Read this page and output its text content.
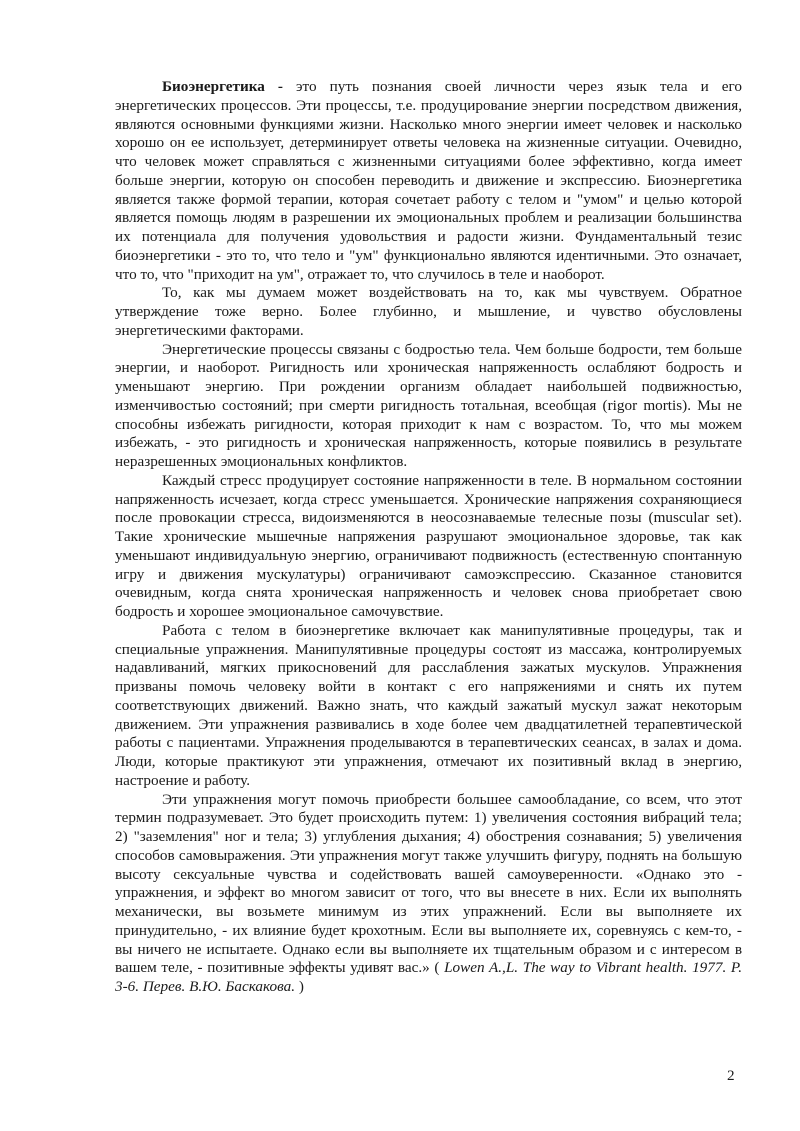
Биоэнергетика - это путь познания своей личности через язык тела и его энергетических процессов. Эти процессы, т.е. продуцирование энергии посредством движения, являются основными функциями жизни. Насколько много энергии имеет человек и насколько хорошо он ее использует, детерминирует ответы человека на жизненные ситуации. Очевидно, что человек может справляться с жизненными ситуациями более эффективно, когда имеет больше энергии, которую он способен переводить и движение и экспрессию. Биоэнергетика является также формой терапии, которая сочетает работу с телом и "умом" и целью которой является помощь людям в разрешении их эмоциональных проблем и реализации большинства их потенциала для получения удовольствия и радости жизни. Фундаментальный тезис биоэнергетики - это то, что тело и "ум" функционально являются идентичными. Это означает, что то, что "приходит на ум", отражает то, что случилось в теле и наоборот.

То, как мы думаем может воздействовать на то, как мы чувствуем. Обратное утверждение тоже верно. Более глубинно, и мышление, и чувство обусловлены энергетическими факторами.

Энергетические процессы связаны с бодростью тела. Чем больше бодрости, тем больше энергии, и наоборот. Ригидность или хроническая напряженность ослабляют бодрость и уменьшают энергию. При рождении организм обладает наибольшей подвижностью, изменчивостью состояний; при смерти ригидность тотальная, всеобщая (rigor mortis). Мы не способны избежать ригидности, которая приходит к нам с возрастом. То, что мы можем избежать, - это ригидность и хроническая напряженность, которые появились в результате неразрешенных эмоциональных конфликтов.

Каждый стресс продуцирует состояние напряженности в теле. В нормальном состоянии напряженность исчезает, когда стресс уменьшается. Хронические напряжения сохраняющиеся после провокации стресса, видоизменяются в неосознаваемые телесные позы (muscular set). Такие хронические мышечные напряжения разрушают эмоциональное здоровье, так как уменьшают индивидуальную энергию, ограничивают подвижность (естественную спонтанную игру и движения мускулатуры) ограничивают самоэкспрессию. Сказанное становится очевидным, когда снята хроническая напряженность и человек снова приобретает свою бодрость и хорошее эмоциональное самочувствие.

Работа с телом в биоэнергетике включает как манипулятивные процедуры, так и специальные упражнения. Манипулятивные процедуры состоят из массажа, контролируемых надавливаний, мягких прикосновений для расслабления зажатых мускулов. Упражнения призваны помочь человеку войти в контакт с его напряжениями и снять их путем соответствующих движений. Важно знать, что каждый зажатый мускул зажат некоторым движением. Эти упражнения развивались в ходе более чем двадцатилетней терапевтической работы с пациентами. Упражнения проделываются в терапевтических сеансах, в залах и дома. Люди, которые практикуют эти упражнения, отмечают их позитивный вклад в энергию, настроение и работу.

Эти упражнения могут помочь приобрести большее самообладание, со всем, что этот термин подразумевает. Это будет происходить путем: 1) увеличения состояния вибраций тела; 2) "заземления" ног и тела; 3) углубления дыхания; 4) обострения сознавания; 5) увеличения способов самовыражения. Эти упражнения могут также улучшить фигуру, поднять на большую высоту сексуальные чувства и содействовать вашей самоуверенности. «Однако это - упражнения, и эффект во многом зависит от того, что вы внесете в них. Если их выполнять механически, вы возьмете минимум из этих упражнений. Если вы выполняете их принудительно, - их влияние будет крохотным. Если вы выполняете их, соревнуясь с кем-то, - вы ничего не испытаете. Однако если вы выполняете их тщательным образом и с интересом в вашем теле, - позитивные эффекты удивят вас.» ( Lowen A.,L. The way to Vibrant health. 1977. P. 3-6. Перев. В.Ю. Баскакова. )

2
